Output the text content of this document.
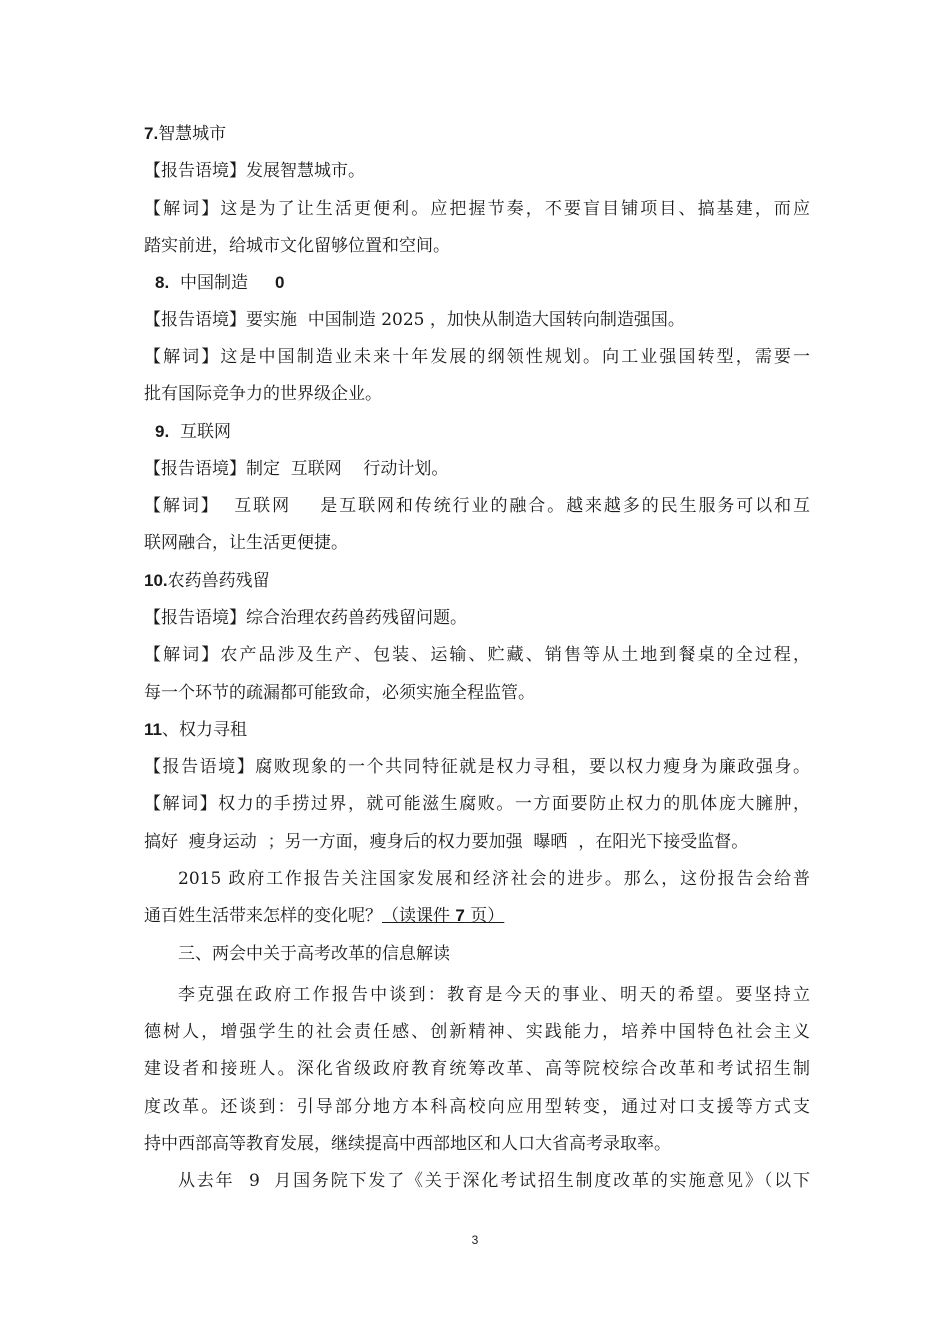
7.智慧城市
【报告语境】发展智慧城市。
【解词】这是为了让生活更便利。应把握节奏，不要盲目铺项目、搞基建，而应
踏实前进，给城市文化留够位置和空间。
8. 中国制造 0
【报告语境】要实施  中国制造 2025 ，加快从制造大国转向制造强国。
【解词】这是中国制造业未来十年发展的纲领性规划。向工业强国转型，需要一
批有国际竞争力的世界级企业。
9. 互联网
【报告语境】制定  互联网    行动计划。
【解词】  互联网    是互联网和传统行业的融合。越来越多的民生服务可以和互
联网融合，让生活更便捷。
10.农药兽药残留
【报告语境】综合治理农药兽药残留问题。
【解词】农产品涉及生产、包装、运输、贮藏、销售等从土地到餐桌的全过程，
每一个环节的疏漏都可能致命，必须实施全程监管。
11、权力寻租
【报告语境】腐败现象的一个共同特征就是权力寻租，要以权力瘦身为廉政强身。
【解词】权力的手捞过界，就可能滋生腐败。一方面要防止权力的肌体庞大臃肿，
搞好  瘦身运动  ；另一方面，瘦身后的权力要加强  曝晒  ，在阳光下接受监督。
2015 政府工作报告关注国家发展和经济社会的进步。那么，这份报告会给普
通百姓生活带来怎样的变化呢？（读课件 7 页）
三、两会中关于高考改革的信息解读
李克强在政府工作报告中谈到：教育是今天的事业、明天的希望。要坚持立
德树人，增强学生的社会责任感、创新精神、实践能力，培养中国特色社会主义
建设者和接班人。深化省级政府教育统筹改革、高等院校综合改革和考试招生制
度改革。还谈到：引导部分地方本科高校向应用型转变，通过对口支援等方式支
持中西部高等教育发展，继续提高中西部地区和人口大省高考录取率。
从去年  9  月国务院下发了《关于深化考试招生制度改革的实施意见》（以下
3
